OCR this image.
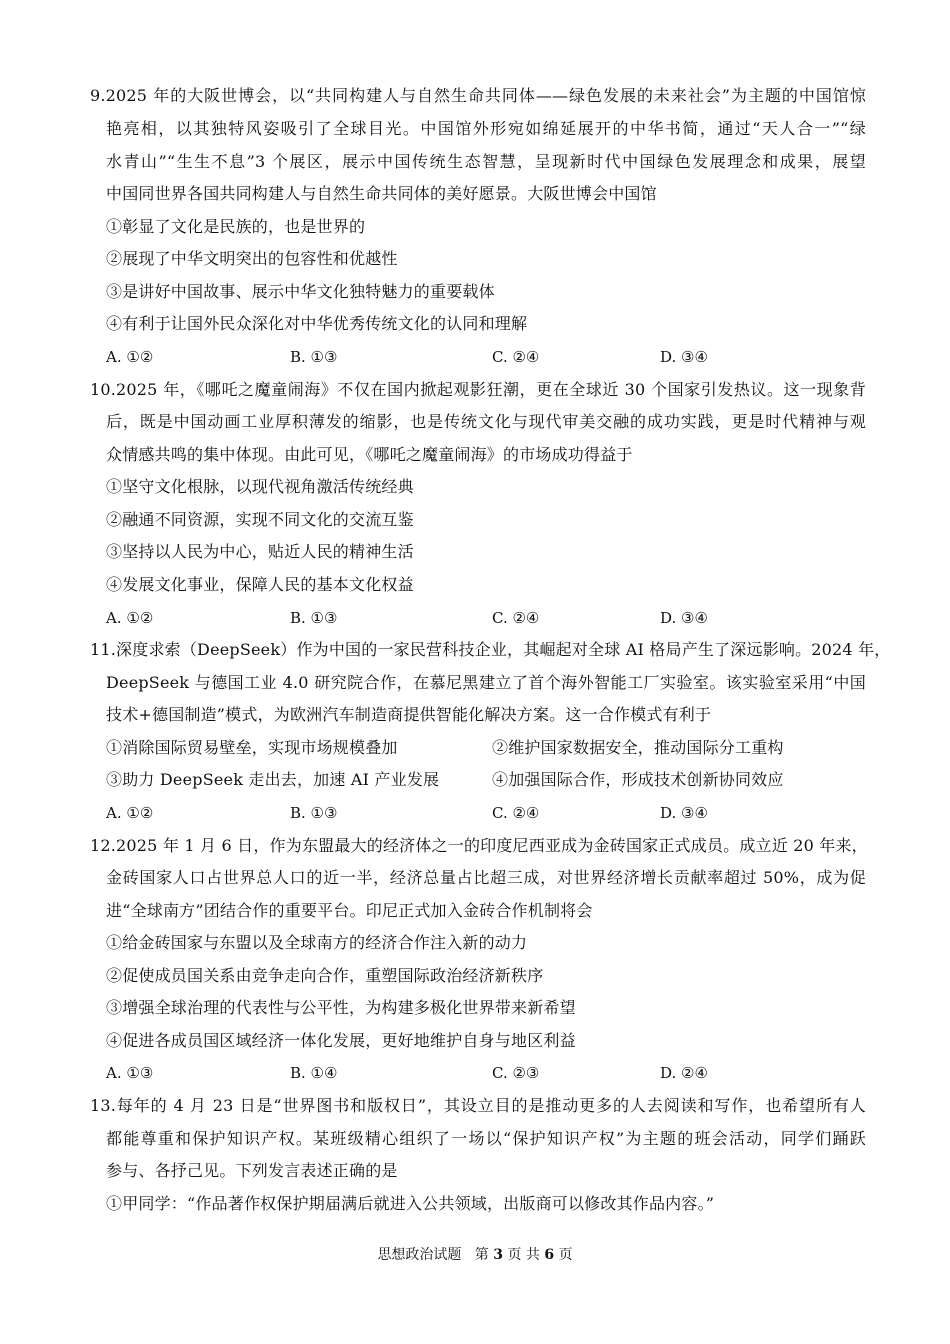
9.2025 年的大阪世博会，以“共同构建人与自然生命共同体——绿色发展的未来社会”为主题的中国馆惊
艳亮相，以其独特风姿吸引了全球目光。中国馆外形宛如绵延展开的中华书简，通过“天人合一”“绿
水青山”“生生不息”3 个展区，展示中国传统生态智慧，呈现新时代中国绿色发展理念和成果，展望
中国同世界各国共同构建人与自然生命共同体的美好愿景。大阪世博会中国馆
①彰显了文化是民族的，也是世界的
②展现了中华文明突出的包容性和优越性
③是讲好中国故事、展示中华文化独特魅力的重要载体
④有利于让国外民众深化对中华优秀传统文化的认同和理解
A. ①②	B. ①③	C. ②④	D. ③④
10.2025 年，《哪吒之魔童闹海》不仅在国内掀起观影狂潮，更在全球近 30 个国家引发热议。这一现象背
后，既是中国动画工业厚积薄发的缩影，也是传统文化与现代审美交融的成功实践，更是时代精神与观
众情感共鸣的集中体现。由此可见，《哪吒之魔童闹海》的市场成功得益于
①坚守文化根脉，以现代视角激活传统经典
②融通不同资源，实现不同文化的交流互鉴
③坚持以人民为中心，贴近人民的精神生活
④发展文化事业，保障人民的基本文化权益
A. ①②	B. ①③	C. ②④	D. ③④
11.深度求索（DeepSeek）作为中国的一家民营科技企业，其崛起对全球 AI 格局产生了深远影响。2024 年，
DeepSeek 与德国工业 4.0 研究院合作，在慕尼黑建立了首个海外智能工厂实验室。该实验室采用“中国
技术+德国制造”模式，为欧洲汽车制造商提供智能化解决方案。这一合作模式有利于
①消除国际贸易壁垒，实现市场规模叠加	②维护国家数据安全，推动国际分工重构
③助力 DeepSeek 走出去，加速 AI 产业发展	④加强国际合作，形成技术创新协同效应
A. ①②	B. ①③	C. ②④	D. ③④
12.2025 年 1 月 6 日，作为东盟最大的经济体之一的印度尼西亚成为金砖国家正式成员。成立近 20 年来，
金砖国家人口占世界总人口的近一半，经济总量占比超三成，对世界经济增长贡献率超过 50%，成为促
进“全球南方”团结合作的重要平台。印尼正式加入金砖合作机制将会
①给金砖国家与东盟以及全球南方的经济合作注入新的动力
②促使成员国关系由竞争走向合作，重塑国际政治经济新秩序
③增强全球治理的代表性与公平性，为构建多极化世界带来新希望
④促进各成员国区域经济一体化发展，更好地维护自身与地区利益
A. ①③	B. ①④	C. ②③	D. ②④
13.每年的 4 月 23 日是“世界图书和版权日”，其设立目的是推动更多的人去阅读和写作，也希望所有人
都能尊重和保护知识产权。某班级精心组织了一场以“保护知识产权”为主题的班会活动，同学们踊跃
参与、各抒己见。下列发言表述正确的是
①甲同学：“作品著作权保护期届满后就进入公共领域，出版商可以修改其作品内容。”
思想政治试题 第 3 页 共 6 页
